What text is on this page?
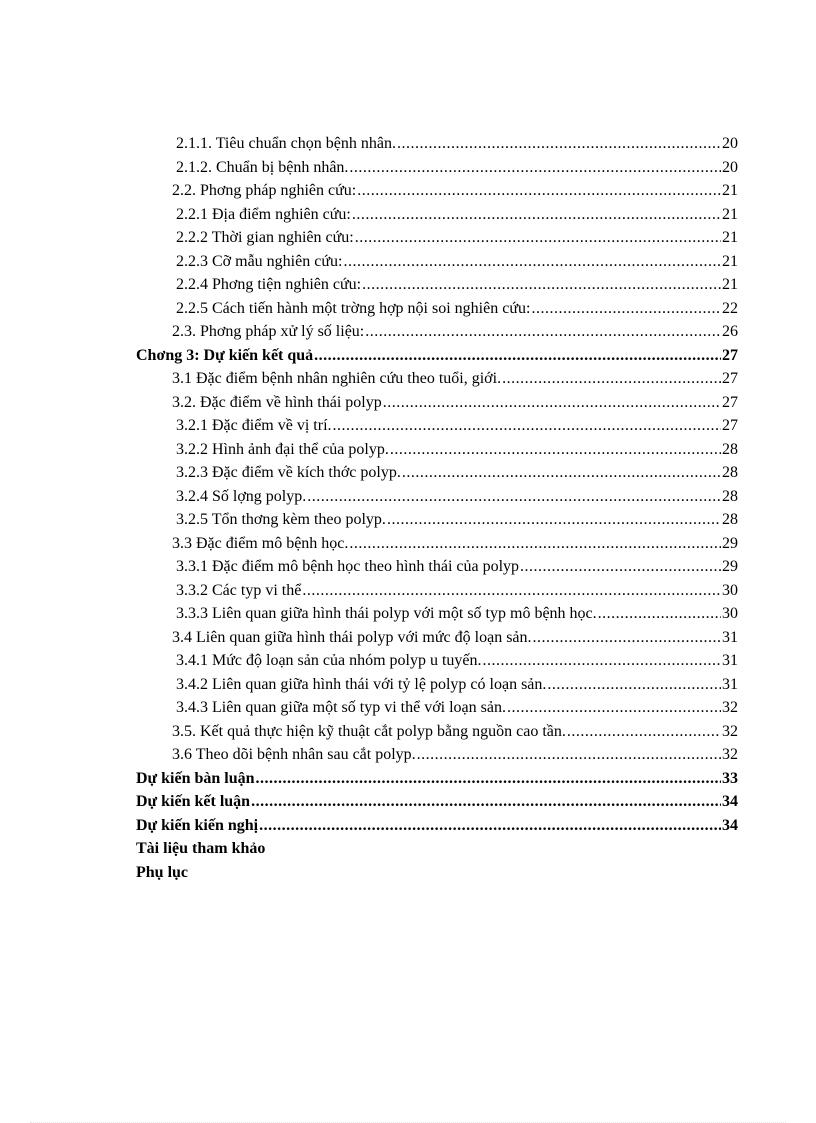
2.1.1. Tiêu chuẩn chọn bệnh nhân. .....	20
2.1.2. Chuẩn bị bệnh nhân. .....	20
2.2. Phơng pháp nghiên cứu: .....	21
2.2.1 Địa điểm nghiên cứu: .....	21
2.2.2 Thời gian nghiên cứu: .....	21
2.2.3 Cỡ mẫu nghiên cứu: .....	21
2.2.4 Phơng tiện nghiên cứu: .....	21
2.2.5 Cách tiến hành một trờng hợp nội soi nghiên cứu: .....	22
2.3. Phơng pháp xử lý số liệu: .....	26
Chơng 3: Dự kiến kết quả .....	27
3.1 Đặc điểm bệnh nhân nghiên cứu theo tuổi, giới. .....	27
3.2. Đặc điểm về hình thái polyp .....	27
3.2.1 Đặc điểm về vị trí. .....	27
3.2.2 Hình ảnh đại thể của polyp. .....	28
3.2.3 Đặc điểm về kích thớc polyp. .....	28
3.2.4 Số lợng polyp. .....	28
3.2.5 Tổn thơng kèm theo polyp. .....	28
3.3 Đặc điểm mô bệnh học. .....	29
3.3.1 Đặc điểm mô bệnh học theo hình thái của polyp .....	29
3.3.2 Các typ vi thể .....	30
3.3.3 Liên quan giữa hình thái polyp với một số typ mô bệnh học. .....	30
3.4 Liên quan giữa hình thái polyp với mức độ loạn sản. .....	31
3.4.1 Mức độ loạn sản của nhóm polyp u tuyến. .....	31
3.4.2 Liên quan giữa hình thái với tỷ lệ polyp có loạn sản. .....	31
3.4.3 Liên quan giữa một số typ vi thể với loạn sản. .....	32
3.5. Kết quả thực hiện kỹ thuật cắt polyp bằng nguồn cao tần. .....	32
3.6 Theo dõi bệnh nhân sau cắt polyp. .....	32
Dự kiến bàn luận .....	33
Dự kiến kết luận .....	34
Dự kiến kiến nghị .....	34
Tài liệu tham khảo
Phụ lục
